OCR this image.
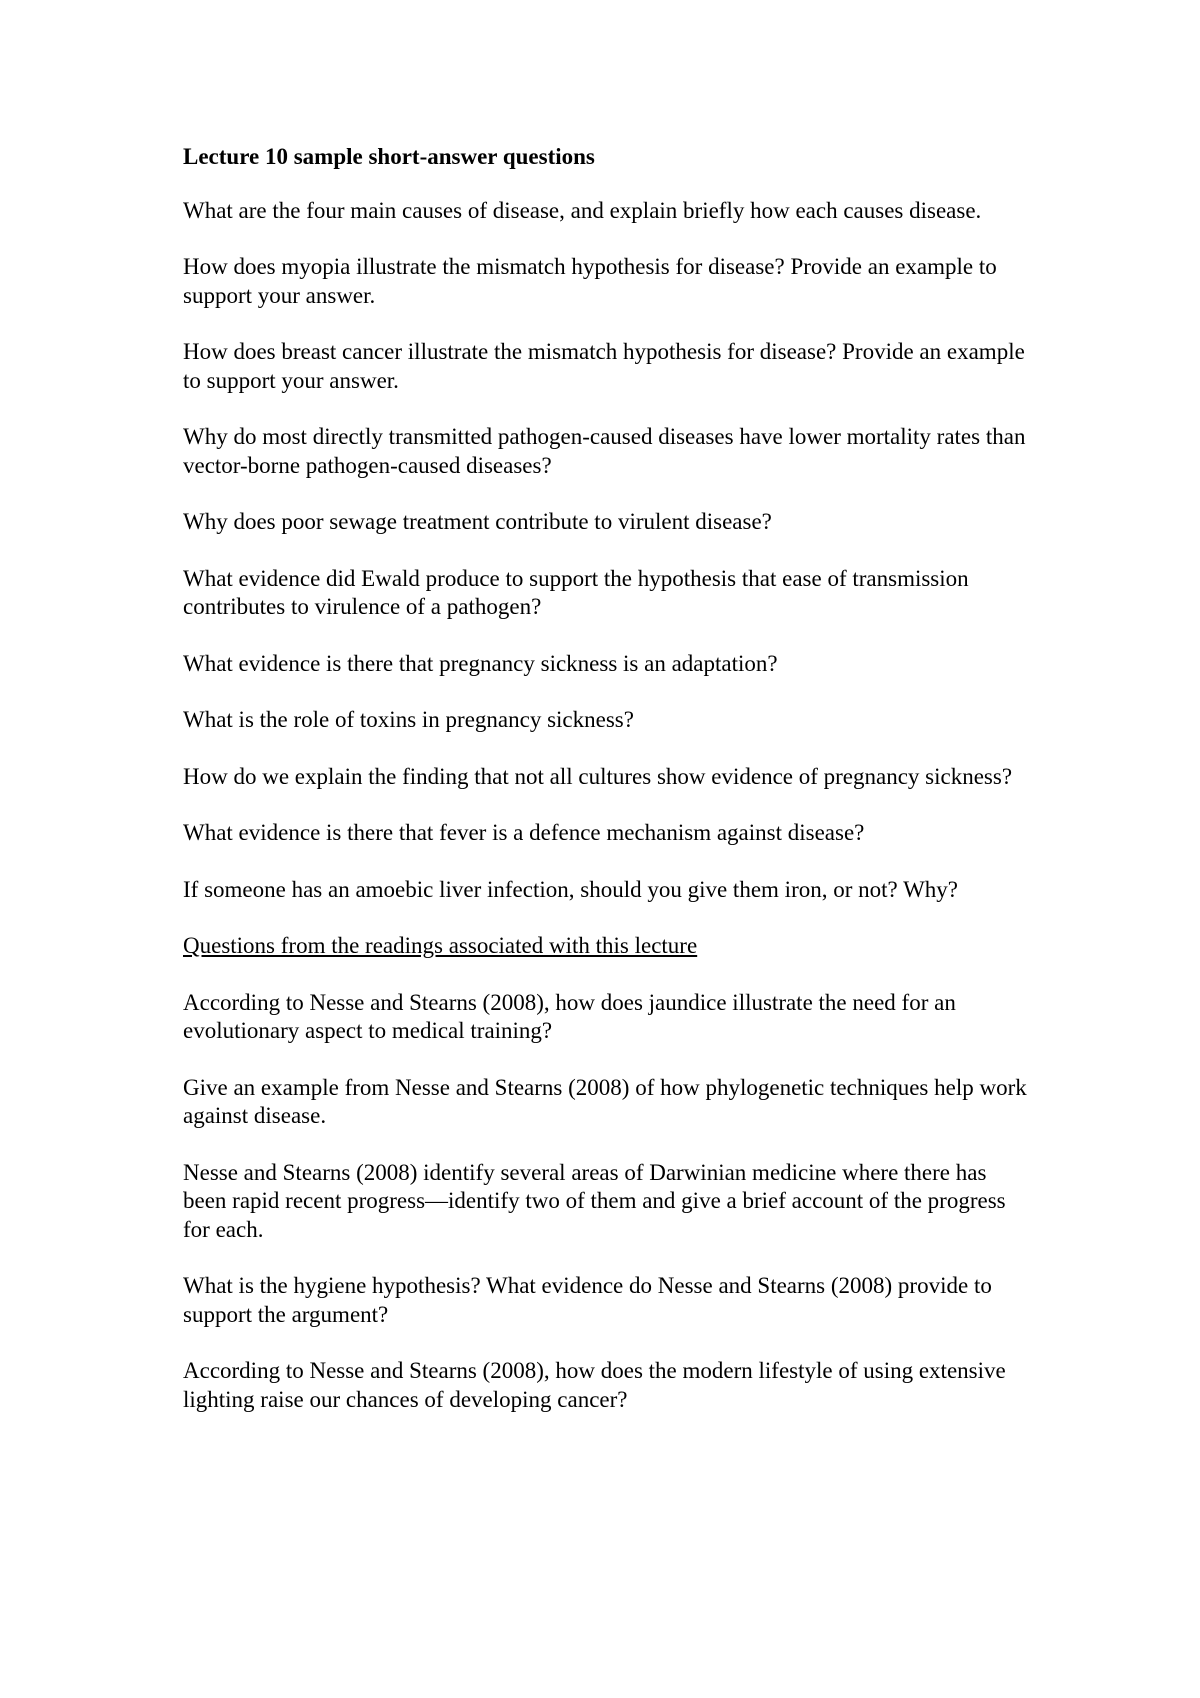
Lecture 10 sample short-answer questions

What are the four main causes of disease, and explain briefly how each causes disease.

How does myopia illustrate the mismatch hypothesis for disease? Provide an example to support your answer.

How does breast cancer illustrate the mismatch hypothesis for disease? Provide an example to support your answer.

Why do most directly transmitted pathogen-caused diseases have lower mortality rates than vector-borne pathogen-caused diseases?

Why does poor sewage treatment contribute to virulent disease?

What evidence did Ewald produce to support the hypothesis that ease of transmission contributes to virulence of a pathogen?

What evidence is there that pregnancy sickness is an adaptation?

What is the role of toxins in pregnancy sickness?

How do we explain the finding that not all cultures show evidence of pregnancy sickness?

What evidence is there that fever is a defence mechanism against disease?

If someone has an amoebic liver infection, should you give them iron, or not? Why?

Questions from the readings associated with this lecture

According to Nesse and Stearns (2008), how does jaundice illustrate the need for an evolutionary aspect to medical training?

Give an example from Nesse and Stearns (2008) of how phylogenetic techniques help work against disease.

Nesse and Stearns (2008) identify several areas of Darwinian medicine where there has been rapid recent progress—identify two of them and give a brief account of the progress for each.

What is the hygiene hypothesis? What evidence do Nesse and Stearns (2008) provide to support the argument?

According to Nesse and Stearns (2008), how does the modern lifestyle of using extensive lighting raise our chances of developing cancer?
